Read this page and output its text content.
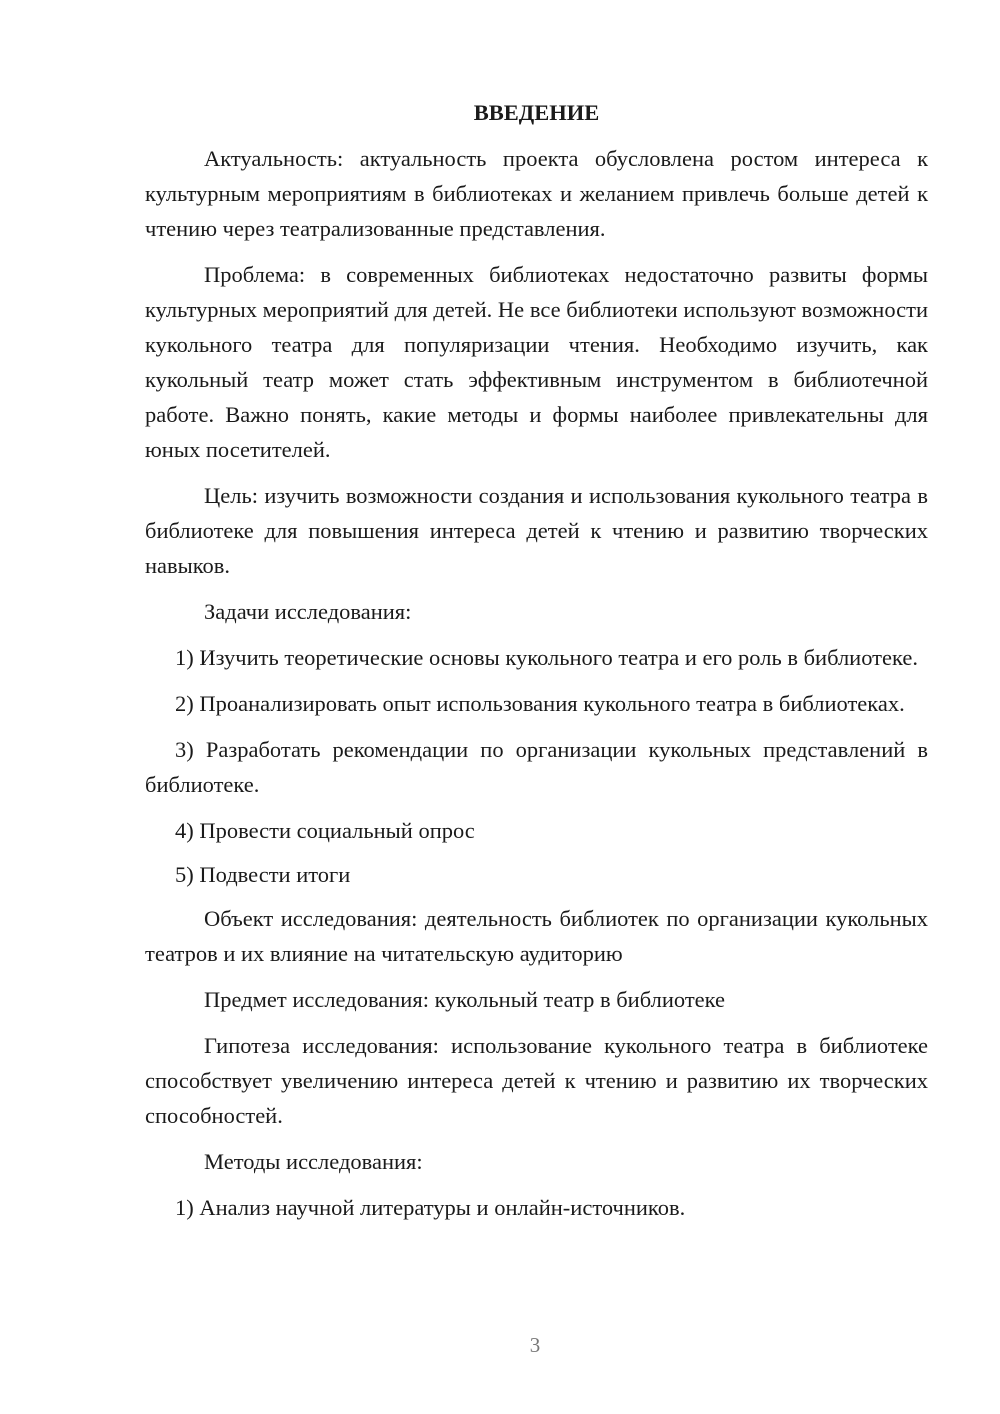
ВВЕДЕНИЕ

Актуальность: актуальность проекта обусловлена ростом интереса к культурным мероприятиям в библиотеках и желанием привлечь больше детей к чтению через театрализованные представления.

Проблема: в современных библиотеках недостаточно развиты формы культурных мероприятий для детей. Не все библиотеки используют возможности кукольного театра для популяризации чтения. Необходимо изучить, как кукольный театр может стать эффективным инструментом в библиотечной работе. Важно понять, какие методы и формы наиболее привлекательны для юных посетителей.

Цель: изучить возможности создания и использования кукольного театра в библиотеке для повышения интереса детей к чтению и развитию творческих навыков.

Задачи исследования:

1) Изучить теоретические основы кукольного театра и его роль в библиотеке.

2) Проанализировать опыт использования кукольного театра в библиотеках.

3) Разработать рекомендации по организации кукольных представлений в библиотеке.

4) Провести социальный опрос

5) Подвести итоги

Объект исследования: деятельность библиотек по организации кукольных театров и их влияние на читательскую аудиторию

Предмет исследования: кукольный театр в библиотеке

Гипотеза исследования: использование кукольного театра в библиотеке способствует увеличению интереса детей к чтению и развитию их творческих способностей.

Методы исследования:

1) Анализ научной литературы и онлайн-источников.

3
